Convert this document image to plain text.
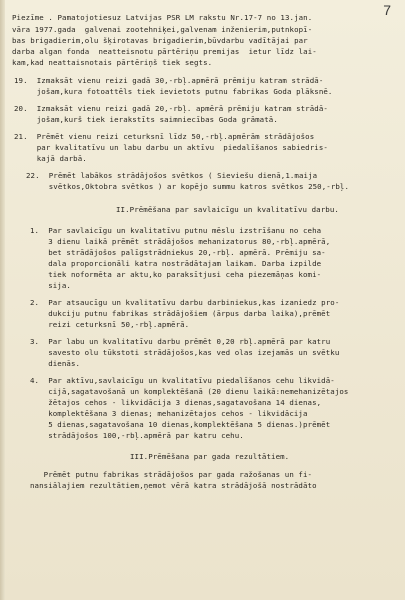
7
Piezīme . Pamatojotiesuz Latvijas PSR LM rakstu Nr.17-7 no 13.jan.
vāra 1977.gada  galvenai zootehniķei,galvenam inženierim,putnkopī-
bas brigadierim,olu šķirotavas brigadierim,būvdarbu vadītājai par
darba algan fonda  neatteisnotu pārtēriņu premijas  ietur līdz lai-
kam,kad neattaisnotais pārtēriņš tiek segts.
19.  Izmaksāt vienu reizi gadā 30,-rbļ.apmērā prēmiju katram strādā-
jošam,kura fotoattēls tiek ievietots putnu fabrikas Goda plāksnē.
20.  Izmaksāt vienu reizi gadā 20,-rbļ. apmērā prēmiju katram strādā-
jošam,kurš tiek ierakstīts saimniecības Goda grāmatā.
21.  Prēmēt vienu reizi ceturksnī līdz 50,-rbļ.apmērām strādājošos
par kvalitatīvu un labu darbu un aktīvu  piedalīšanos sabiedris-
kajā darbā.
22.  Prēmēt labākos strādājošos svētkos ( Sieviešu dienā,1.maija
svētkos,Oktobra svētkos ) ar kopējo summu katros svētkos 250,-rbļ.
II.Prēmēšana par savlaicīgu un kvalitatīvu darbu.
1.  Par savlaicīgu un kvalitatīvu putnu mēslu izstrīšanu no ceha
3 dienu laikā prēmēt strādājošos mehanizatorus 80,-rbļ.apmērā,
bet strādājošos palīgstrādniekus 20,-rbļ. apmērā. Prēmiju sa-
dala proporcionāli katra nostrādātajam laikam. Darba izpilde
tiek noformēta ar aktu,ko paraksītjusi ceha piezemāņas komi-
sija.
2.  Par atsaucīgu un kvalitatīvu darbu darbiniekus,kas izaniedz pro-
dukciju putnu fabrikas strādājošiem (ārpus darba laika),prēmēt
reizi ceturksnī 50,-rbļ.apmērā.
3.  Par labu un kvalitatīvu darbu prēmēt 0,20 rbļ.apmērā par katru
savesto olu tūkstoti strādājošos,kas ved olas izejamās un svētku
dienās.
4.  Par aktīvu,savlaicīgu un kvalitatīvu piedalīšanos cehu likvidā-
cijā,sagatavošanā un komplektēšanā (20 dienu laikā:nemehanizētajos
žētajos cehos - likvidācija 3 dienas,sagatavošana 14 dienas,
komplektēšana 3 dienas; mehanizētajos cehos - likvidācija
5 dienas,sagatavošana 10 dienas,komplektēšana 5 dienas.)prēmēt
strādājošos 100,-rbļ.apmērā par katru cehu.
III.Prēmēšana par gada rezultātiem.
Prēmēt putnu fabrikas strādājošos par gada ražošanas un fi-
nansiālajiem rezultātiem,ņemot vērā katra strādājošā nostrādāto
